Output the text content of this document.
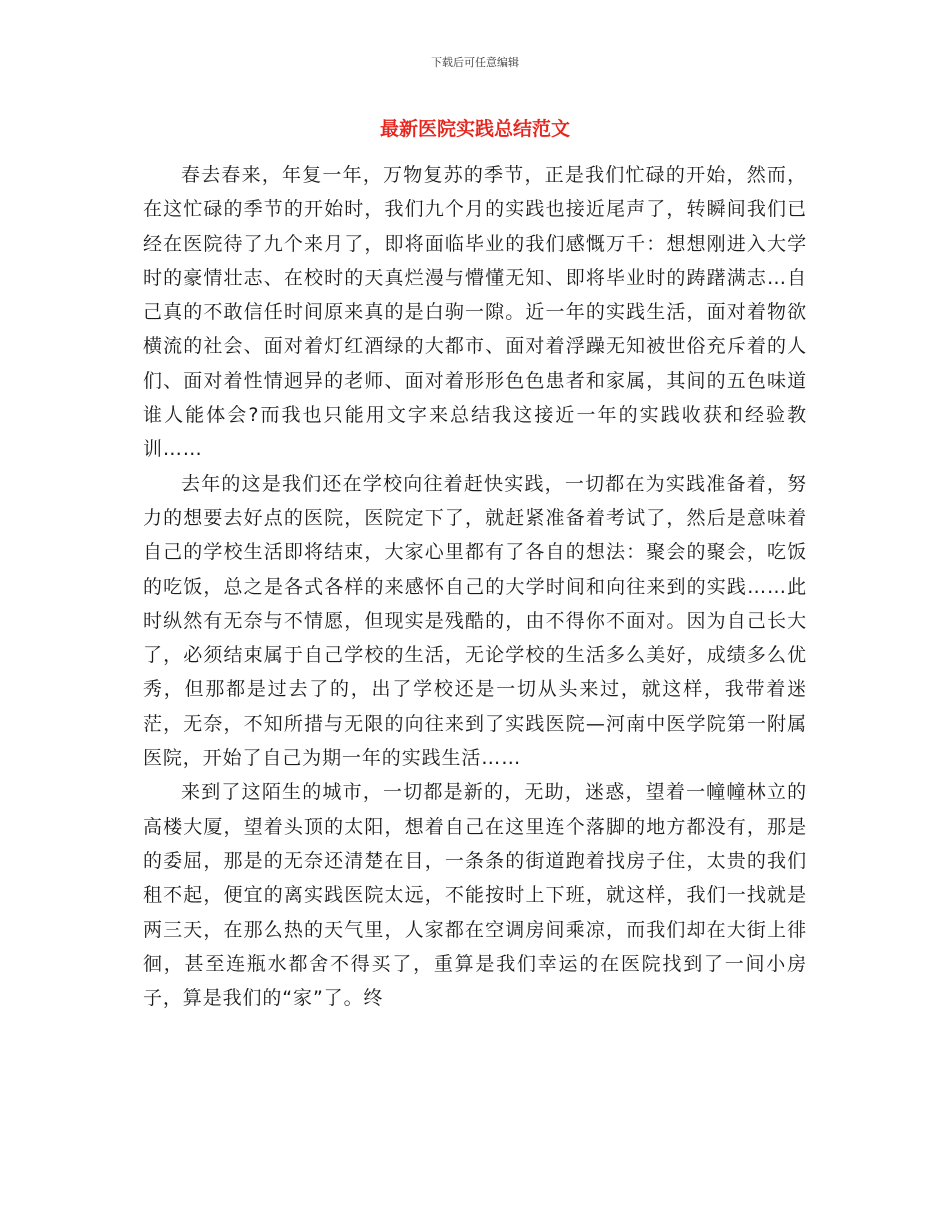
下载后可任意编辑
最新医院实践总结范文

春去春来，年复一年，万物复苏的季节，正是我们忙碌的开始，然而，在这忙碌的季节的开始时，我们九个月的实践也接近尾声了，转瞬间我们已经在医院待了九个来月了，即将面临毕业的我们感慨万千：想想刚进入大学时的豪情壮志、在校时的天真烂漫与懵懂无知、即将毕业时的踌躇满志…自己真的不敢信任时间原来真的是白驹一隙。近一年的实践生活，面对着物欲横流的社会、面对着灯红酒绿的大都市、面对着浮躁无知被世俗充斥着的人们、面对着性情迥异的老师、面对着形形色色患者和家属，其间的五色味道谁人能体会?而我也只能用文字来总结我这接近一年的实践收获和经验教训……

去年的这是我们还在学校向往着赶快实践，一切都在为实践准备着，努力的想要去好点的医院，医院定下了，就赶紧准备着考试了，然后是意味着自己的学校生活即将结束，大家心里都有了各自的想法：聚会的聚会，吃饭的吃饭，总之是各式各样的来感怀自己的大学时间和向往来到的实践……此时纵然有无奈与不情愿，但现实是残酷的，由不得你不面对。因为自己长大了，必须结束属于自己学校的生活，无论学校的生活多么美好，成绩多么优秀，但那都是过去了的，出了学校还是一切从头来过，就这样，我带着迷茫，无奈，不知所措与无限的向往来到了实践医院—河南中医学院第一附属医院，开始了自己为期一年的实践生活……

来到了这陌生的城市，一切都是新的，无助，迷惑，望着一幢幢林立的高楼大厦，望着头顶的太阳，想着自己在这里连个落脚的地方都没有，那是的委屈，那是的无奈还清楚在目，一条条的街道跑着找房子住，太贵的我们租不起，便宜的离实践医院太远，不能按时上下班，就这样，我们一找就是两三天，在那么热的天气里，人家都在空调房间乘凉，而我们却在大街上徘徊，甚至连瓶水都舍不得买了，重算是我们幸运的在医院找到了一间小房子，算是我们的“家”了。终
